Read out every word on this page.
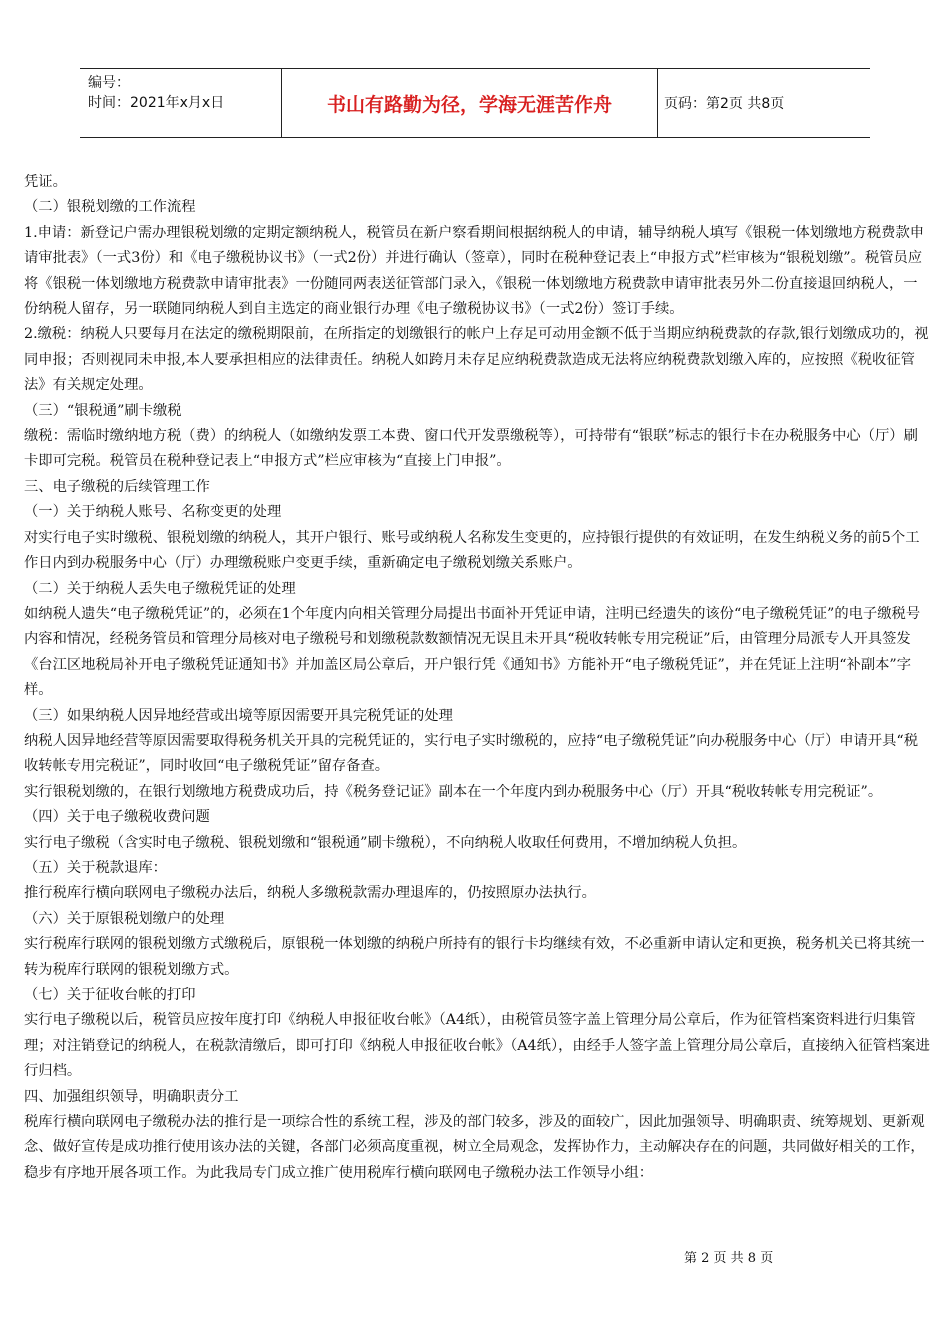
编号：
时间：2021年x月x日	书山有路勤为径，学海无涯苦作舟	页码：第2页 共8页

凭证。

（二）银税划缴的工作流程

1.申请：新登记户需办理银税划缴的定期定额纳税人，税管员在新户察看期间根据纳税人的申请，辅导纳税人填写《银税一体划缴地方税费款申请审批表》（一式3份）和《电子缴税协议书》（一式2份）并进行确认（签章），同时在税种登记表上“申报方式”栏审核为“银税划缴”。税管员应将《银税一体划缴地方税费款申请审批表》一份随同两表送征管部门录入，《银税一体划缴地方税费款申请审批表另外二份直接退回纳税人，一份纳税人留存，另一联随同纳税人到自主选定的商业银行办理《电子缴税协议书》（一式2份）签订手续。

2.缴税：纳税人只要每月在法定的缴税期限前，在所指定的划缴银行的帐户上存足可动用金额不低于当期应纳税费款的存款,银行划缴成功的，视同申报；否则视同未申报,本人要承担相应的法律责任。纳税人如跨月未存足应纳税费款造成无法将应纳税费款划缴入库的，应按照《税收征管法》有关规定处理。

（三）“银税通”刷卡缴税

缴税：需临时缴纳地方税（费）的纳税人（如缴纳发票工本费、窗口代开发票缴税等），可持带有“银联”标志的银行卡在办税服务中心（厅）刷卡即可完税。税管员在税种登记表上“申报方式”栏应审核为“直接上门申报”。

三、电子缴税的后续管理工作

（一）关于纳税人账号、名称变更的处理

对实行电子实时缴税、银税划缴的纳税人，其开户银行、账号或纳税人名称发生变更的，应持银行提供的有效证明，在发生纳税义务的前5个工作日内到办税服务中心（厅）办理缴税账户变更手续，重新确定电子缴税划缴关系账户。

（二）关于纳税人丢失电子缴税凭证的处理

如纳税人遗失“电子缴税凭证”的，必须在1个年度内向相关管理分局提出书面补开凭证申请，注明已经遗失的该份“电子缴税凭证”的电子缴税号内容和情况，经税务管员和管理分局核对电子缴税号和划缴税款数额情况无误且未开具“税收转帐专用完税证”后，由管理分局派专人开具签发《台江区地税局补开电子缴税凭证通知书》并加盖区局公章后，开户银行凭《通知书》方能补开“电子缴税凭证”，并在凭证上注明“补副本”字样。

（三）如果纳税人因异地经营或出境等原因需要开具完税凭证的处理

纳税人因异地经营等原因需要取得税务机关开具的完税凭证的，实行电子实时缴税的，应持“电子缴税凭证”向办税服务中心（厅）申请开具“税收转帐专用完税证”，同时收回“电子缴税凭证”留存备查。

实行银税划缴的，在银行划缴地方税费成功后，持《税务登记证》副本在一个年度内到办税服务中心（厅）开具“税收转帐专用完税证”。

（四）关于电子缴税收费问题

实行电子缴税（含实时电子缴税、银税划缴和“银税通”刷卡缴税），不向纳税人收取任何费用，不增加纳税人负担。

（五）关于税款退库：

推行税库行横向联网电子缴税办法后，纳税人多缴税款需办理退库的，仍按照原办法执行。

（六）关于原银税划缴户的处理

实行税库行联网的银税划缴方式缴税后，原银税一体划缴的纳税户所持有的银行卡均继续有效，不必重新申请认定和更换，税务机关已将其统一转为税库行联网的银税划缴方式。

（七）关于征收台帐的打印

实行电子缴税以后，税管员应按年度打印《纳税人申报征收台帐》（A4纸），由税管员签字盖上管理分局公章后，作为征管档案资料进行归集管理；对注销登记的纳税人，在税款清缴后，即可打印《纳税人申报征收台帐》（A4纸），由经手人签字盖上管理分局公章后，直接纳入征管档案进行归档。

四、加强组织领导，明确职责分工

税库行横向联网电子缴税办法的推行是一项综合性的系统工程，涉及的部门较多，涉及的面较广，因此加强领导、明确职责、统筹规划、更新观念、做好宣传是成功推行使用该办法的关键，各部门必须高度重视，树立全局观念，发挥协作力，主动解决存在的问题，共同做好相关的工作，稳步有序地开展各项工作。为此我局专门成立推广使用税库行横向联网电子缴税办法工作领导小组：

第 2 页 共 8 页
